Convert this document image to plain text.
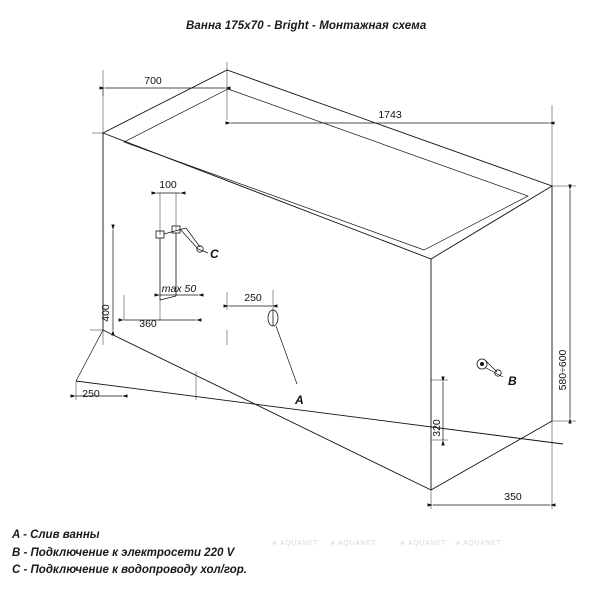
Ванна 175х70 - Bright - Монтажная схема
700
1743
100
max 50
400
360
250
250
580÷600
320
350
A
B
C
A - Слив ванны
B - Подключение к электросети 220 V
C - Подключение к водопроводу хол/гор.
◈ AQUANET ◈ AQUANET	◈ AQUANET ◈ AQUANET
